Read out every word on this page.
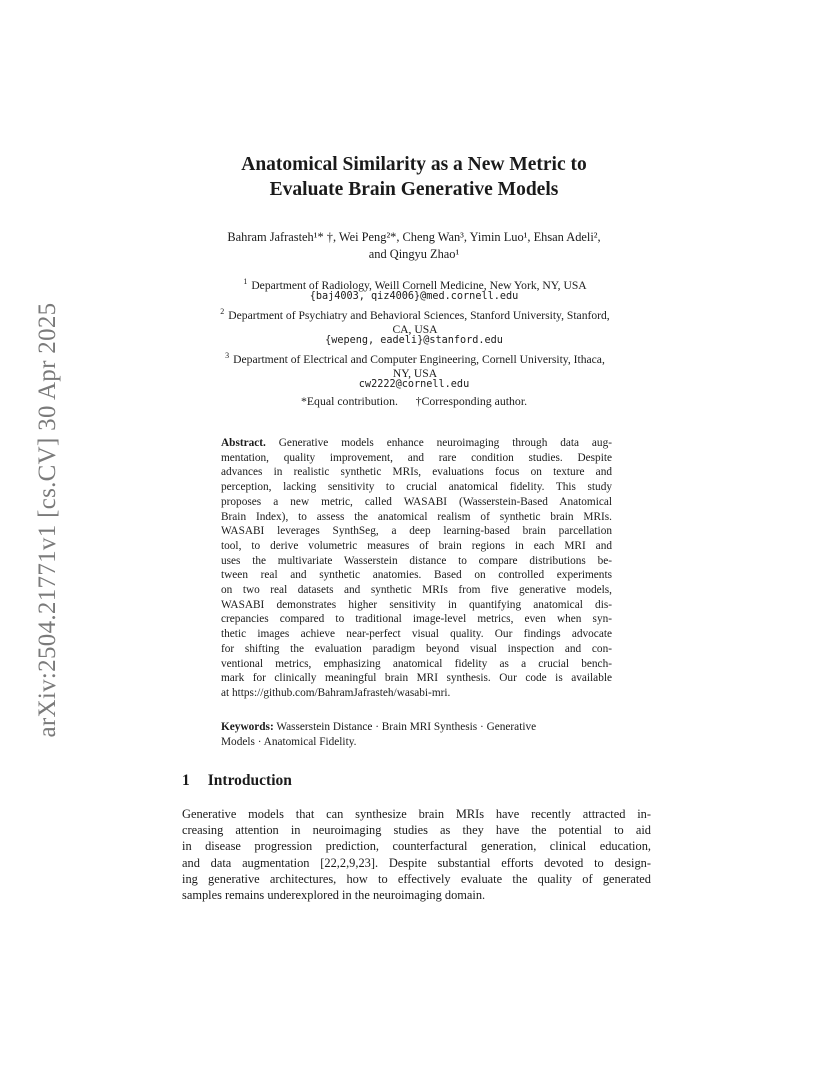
arXiv:2504.21771v1 [cs.CV] 30 Apr 2025
Anatomical Similarity as a New Metric to
Evaluate Brain Generative Models
Bahram Jafrasteh¹* †, Wei Peng²*, Cheng Wan³, Yimin Luo¹, Ehsan Adeli²,
and Qingyu Zhao¹
$^1$ Department of Radiology, Weill Cornell Medicine, New York, NY, USA
{baj4003, qiz4006}@med.cornell.edu
$^2$ Department of Psychiatry and Behavioral Sciences, Stanford University, Stanford,
CA, USA
{wepeng, eadeli}@stanford.edu
$^3$ Department of Electrical and Computer Engineering, Cornell University, Ithaca,
NY, USA
cw2222@cornell.edu
*Equal contribution. †Corresponding author.
Abstract. Generative models enhance neuroimaging through data aug-
mentation, quality improvement, and rare condition studies. Despite
advances in realistic synthetic MRIs, evaluations focus on texture and
perception, lacking sensitivity to crucial anatomical fidelity. This study
proposes a new metric, called WASABI (Wasserstein-Based Anatomical
Brain Index), to assess the anatomical realism of synthetic brain MRIs.
WASABI leverages SynthSeg, a deep learning-based brain parcellation
tool, to derive volumetric measures of brain regions in each MRI and
uses the multivariate Wasserstein distance to compare distributions be-
tween real and synthetic anatomies. Based on controlled experiments
on two real datasets and synthetic MRIs from five generative models,
WASABI demonstrates higher sensitivity in quantifying anatomical dis-
crepancies compared to traditional image-level metrics, even when syn-
thetic images achieve near-perfect visual quality. Our findings advocate
for shifting the evaluation paradigm beyond visual inspection and con-
ventional metrics, emphasizing anatomical fidelity as a crucial bench-
mark for clinically meaningful brain MRI synthesis. Our code is available
at https://github.com/BahramJafrasteh/wasabi-mri.
Keywords: Wasserstein Distance · Brain MRI Synthesis · Generative
Models · Anatomical Fidelity.
1 Introduction
Generative models that can synthesize brain MRIs have recently attracted in-
creasing attention in neuroimaging studies as they have the potential to aid
in disease progression prediction, counterfactural generation, clinical education,
and data augmentation [22,2,9,23]. Despite substantial efforts devoted to design-
ing generative architectures, how to effectively evaluate the quality of generated
samples remains underexplored in the neuroimaging domain.
